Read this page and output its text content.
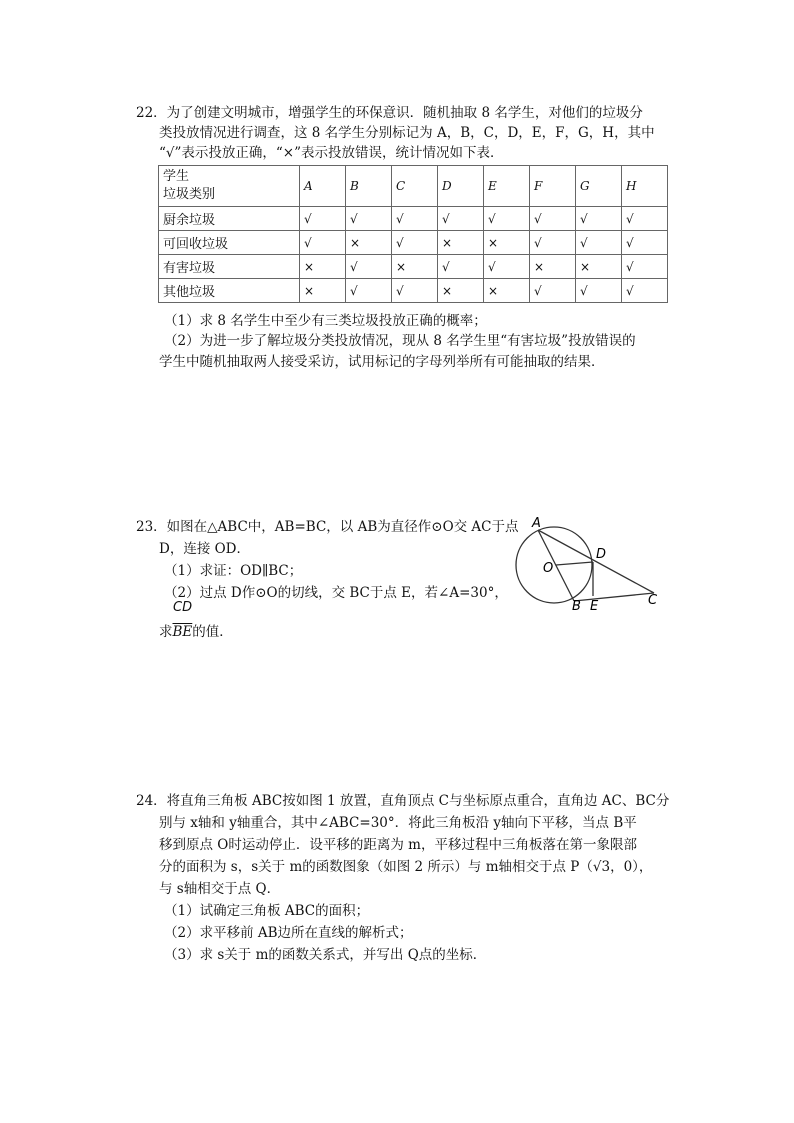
22．为了创建文明城市，增强学生的环保意识．随机抽取 8 名学生，对他们的垃圾分
类投放情况进行调查，这 8 名学生分别标记为 A，B，C，D，E，F，G，H，其中
“√”表示投放正确，“×”表示投放错误，统计情况如下表．
学生
垃圾类别	A	B	C	D	E	F	G	H
厨余垃圾	√	√	√	√	√	√	√	√
可回收垃圾	√	×	√	×	×	√	√	√
有害垃圾	×	√	×	√	√	×	×	√
其他垃圾	×	√	√	×	×	√	√	√
（1）求 8 名学生中至少有三类垃圾投放正确的概率；
（2）为进一步了解垃圾分类投放情况，现从 8 名学生里“有害垃圾”投放错误的
学生中随机抽取两人接受采访，试用标记的字母列举所有可能抽取的结果．
23．如图在△ABC中，AB=BC，以 AB为直径作⊙O交 AC于点
D，连接 OD．
（1）求证：OD∥BC；
（2）过点 D作⊙O的切线，交 BC于点 E，若∠A=30°，
CD
求$\overline{BE}$的值．
A
D
O
B E	C
24．将直角三角板 ABC按如图 1 放置，直角顶点 C与坐标原点重合，直角边 AC、BC分
别与 x轴和 y轴重合，其中∠ABC=30°．将此三角板沿 y轴向下平移，当点 B平
移到原点 O时运动停止．设平移的距离为 m，平移过程中三角板落在第一象限部
分的面积为 s，s关于 m的函数图象（如图 2 所示）与 m轴相交于点 P（√3，0），
与 s轴相交于点 Q．
（1）试确定三角板 ABC的面积；
（2）求平移前 AB边所在直线的解析式；
（3）求 s关于 m的函数关系式，并写出 Q点的坐标．
